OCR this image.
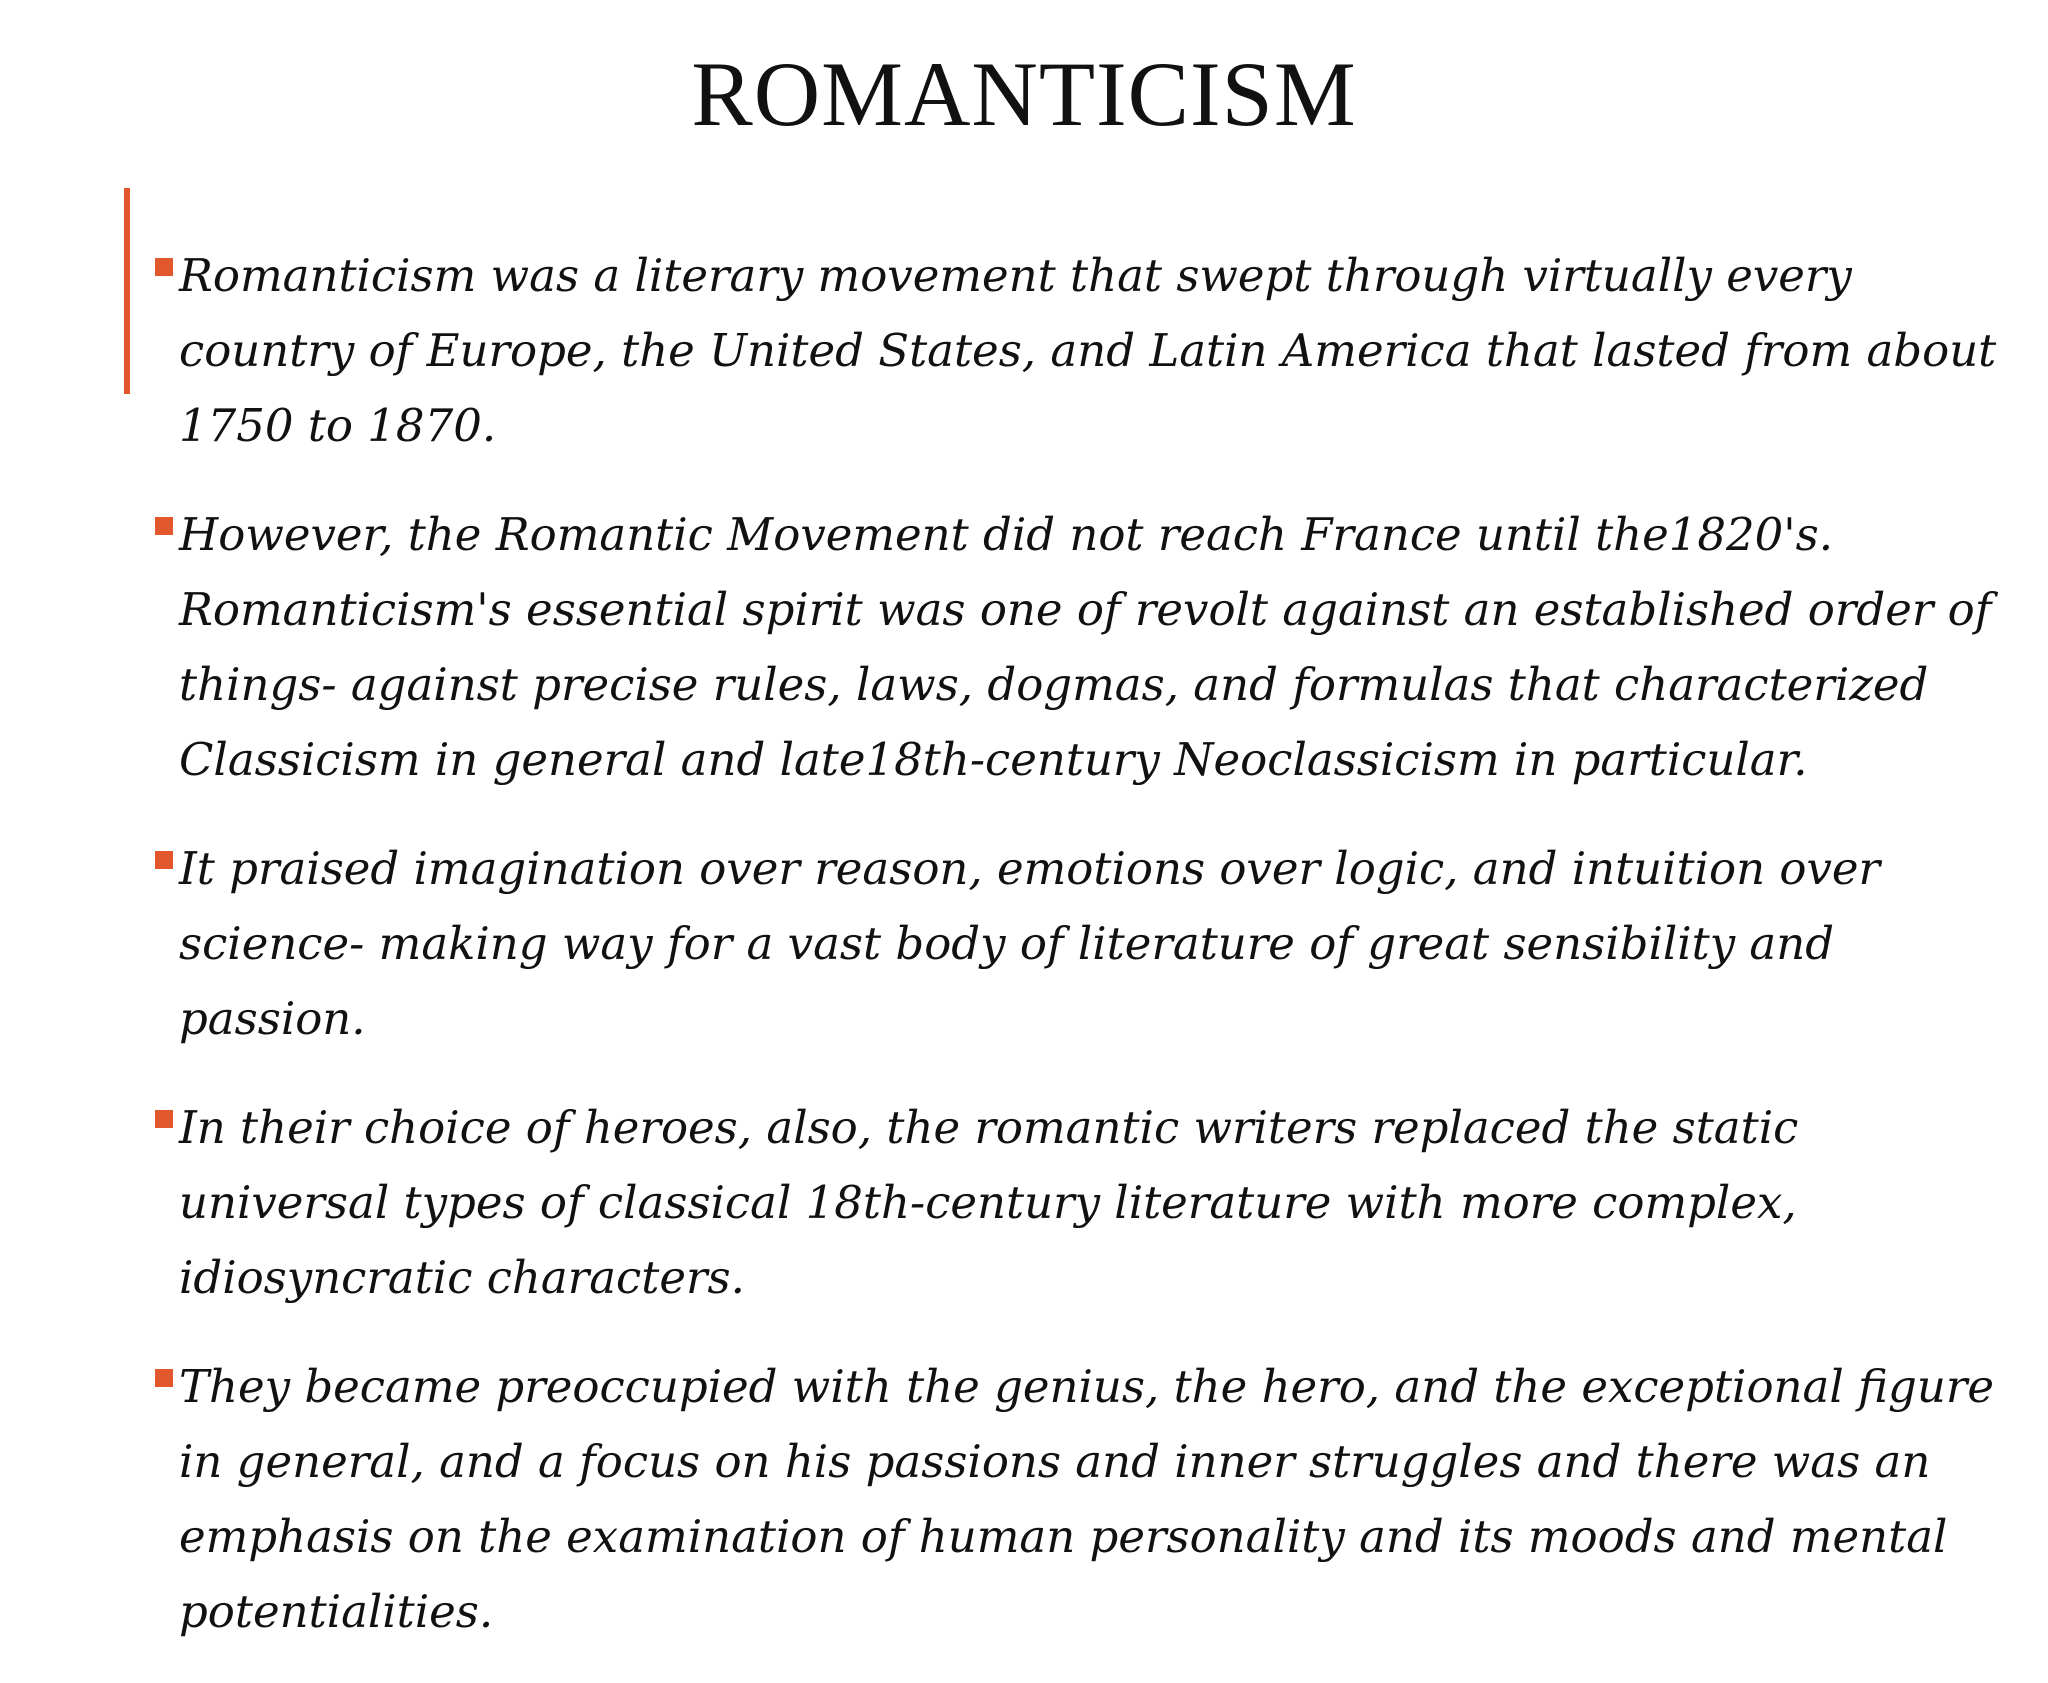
ROMANTICISM
Romanticism was a literary movement that swept through virtually every country of Europe, the United States, and Latin America that lasted from about 1750 to 1870.
However, the Romantic Movement did not reach France until the1820's. Romanticism's essential spirit was one of revolt against an established order of things- against precise rules, laws, dogmas, and formulas that characterized Classicism in general and late18th-century Neoclassicism in particular.
It praised imagination over reason, emotions over logic, and intuition over science- making way for a vast body of literature of great sensibility and passion.
In their choice of heroes, also, the romantic writers replaced the static universal types of classical 18th-century literature with more complex, idiosyncratic characters.
They became preoccupied with the genius, the hero, and the exceptional figure in general, and a focus on his passions and inner struggles and there was an emphasis on the examination of human personality and its moods and mental potentialities.
